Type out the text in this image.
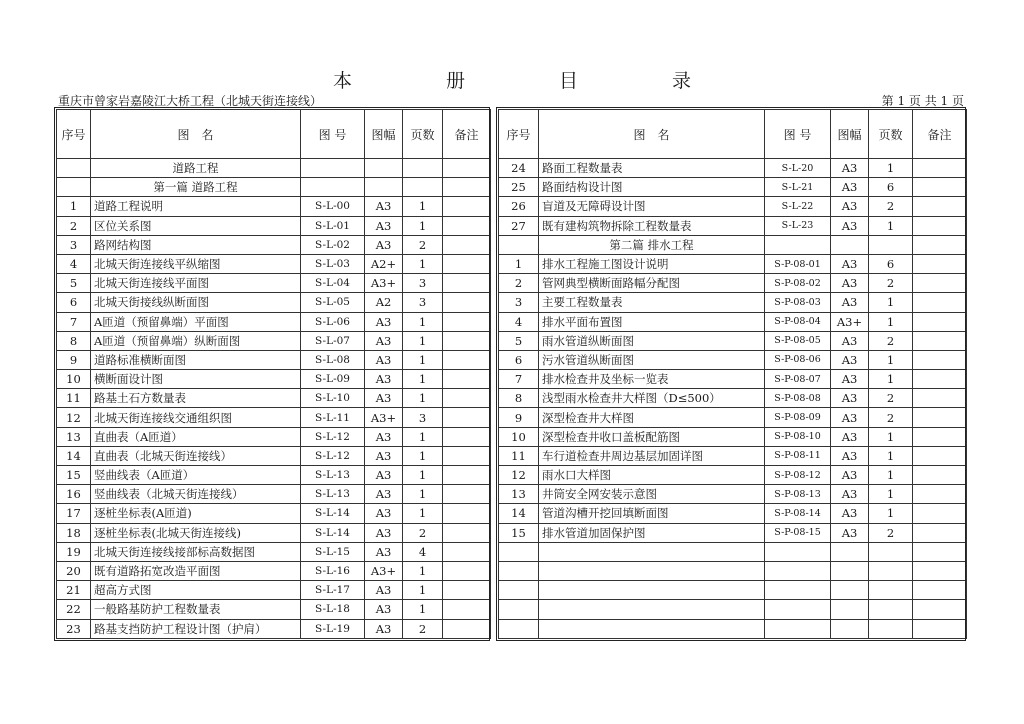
本 册 目 录
重庆市曾家岩嘉陵江大桥工程（北城天街连接线）	第 1 页 共 1 页
序号	图　名	图 号	图幅	页数	备注
	道路工程				
	第一篇 道路工程				
1	道路工程说明	S-L-00	A3	1	
2	区位关系图	S-L-01	A3	1	
3	路网结构图	S-L-02	A3	2	
4	北城天街连接线平纵缩图	S-L-03	A2+	1	
5	北城天街连接线平面图	S-L-04	A3+	3	
6	北城天街接线纵断面图	S-L-05	A2	3	
7	A匝道（预留鼻端）平面图	S-L-06	A3	1	
8	A匝道（预留鼻端）纵断面图	S-L-07	A3	1	
9	道路标准横断面图	S-L-08	A3	1	
10	横断面设计图	S-L-09	A3	1	
11	路基土石方数量表	S-L-10	A3	1	
12	北城天街连接线交通组织图	S-L-11	A3+	3	
13	直曲表（A匝道）	S-L-12	A3	1	
14	直曲表（北城天街连接线）	S-L-12	A3	1	
15	竖曲线表（A匝道）	S-L-13	A3	1	
16	竖曲线表（北城天街连接线）	S-L-13	A3	1	
17	逐桩坐标表(A匝道)	S-L-14	A3	1	
18	逐桩坐标表(北城天街连接线)	S-L-14	A3	2	
19	北城天街连接线接部标高数据图	S-L-15	A3	4	
20	既有道路拓宽改造平面图	S-L-16	A3+	1	
21	超高方式图	S-L-17	A3	1	
22	一般路基防护工程数量表	S-L-18	A3	1	
23	路基支挡防护工程设计图（护肩）	S-L-19	A3	2	
序号	图　名	图 号	图幅	页数	备注
24	路面工程数量表	S-L-20	A3	1	
25	路面结构设计图	S-L-21	A3	6	
26	盲道及无障碍设计图	S-L-22	A3	2	
27	既有建构筑物拆除工程数量表	S-L-23	A3	1	
	第二篇 排水工程				
1	排水工程施工图设计说明	S-P-08-01	A3	6	
2	管网典型横断面路幅分配图	S-P-08-02	A3	2	
3	主要工程数量表	S-P-08-03	A3	1	
4	排水平面布置图	S-P-08-04	A3+	1	
5	雨水管道纵断面图	S-P-08-05	A3	2	
6	污水管道纵断面图	S-P-08-06	A3	1	
7	排水检查井及坐标一览表	S-P-08-07	A3	1	
8	浅型雨水检查井大样图（D≤500）	S-P-08-08	A3	2	
9	深型检查井大样图	S-P-08-09	A3	2	
10	深型检查井收口盖板配筋图	S-P-08-10	A3	1	
11	车行道检查井周边基层加固详图	S-P-08-11	A3	1	
12	雨水口大样图	S-P-08-12	A3	1	
13	井筒安全网安装示意图	S-P-08-13	A3	1	
14	管道沟槽开挖回填断面图	S-P-08-14	A3	1	
15	排水管道加固保护图	S-P-08-15	A3	2	
